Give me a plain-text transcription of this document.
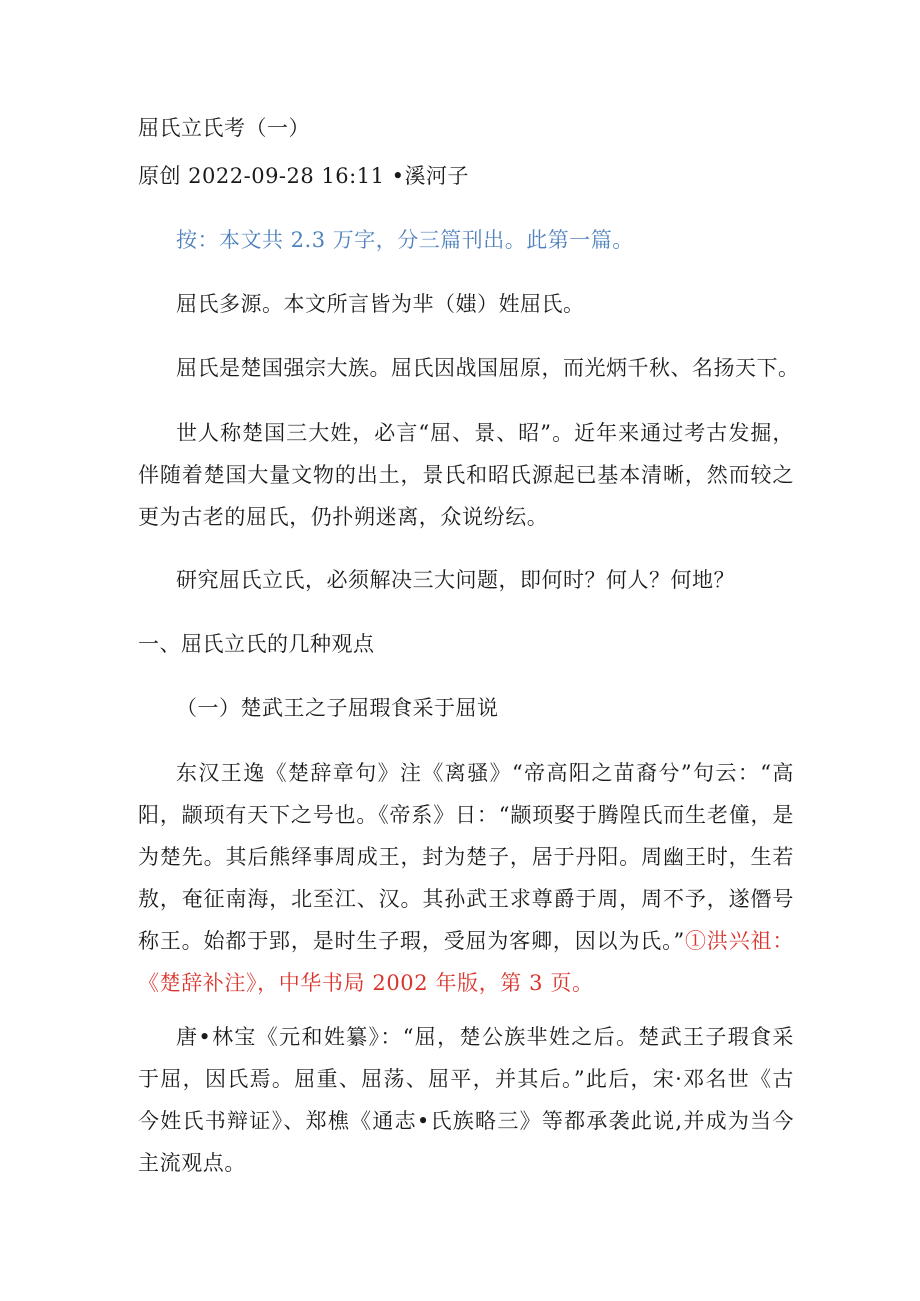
屈氏立氏考（一）
原创 2022-09-28 16:11 •溪河子
按：本文共 2.3 万字，分三篇刊出。此第一篇。
屈氏多源。本文所言皆为芈（媸）姓屈氏。
屈氏是楚国强宗大族。屈氏因战国屈原，而光炳千秋、名扬天下。
世人称楚国三大姓，必言“屈、景、昭”。近年来通过考古发掘，伴随着楚国大量文物的出土，景氏和昭氏源起已基本清晰，然而较之更为古老的屈氏，仍扑朔迷离，众说纷纭。
研究屈氏立氏，必须解决三大问题，即何时？何人？何地？
一、屈氏立氏的几种观点
（一）楚武王之子屈瑕食采于屈说
东汉王逸《楚辞章句》注《离骚》“帝高阳之苗裔兮”句云：“高阳，颛顼有天下之号也。《帝系》日：“颛顼娶于腾隍氏而生老僮，是为楚先。其后熊绎事周成王，封为楚子，居于丹阳。周幽王时，生若敖，奄征南海，北至江、汉。其孙武王求尊爵于周，周不予，遂僭号称王。始都于郢，是时生子瑕，受屈为客卿，因以为氏。”①洪兴祖：《楚辞补注》，中华书局 2002 年版，第 3 页。
唐•林宝《元和姓纂》：“屈，楚公族芈姓之后。楚武王子瑕食采于屈，因氏焉。屈重、屈荡、屈平，并其后。”此后，宋·邓名世《古今姓氏书辩证》、郑樵《通志•氏族略三》等都承袭此说,并成为当今主流观点。
